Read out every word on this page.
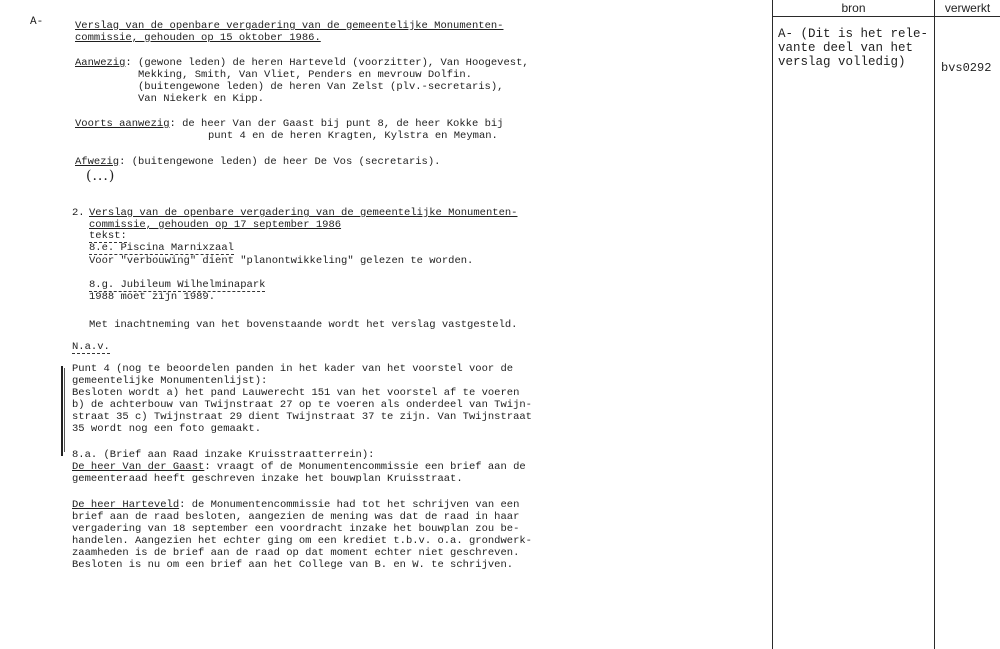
bron	verwerkt
A- (Dit is het rele-
vante deel van het
verslag volledig)	bvs0292
A-	Verslag van de openbare vergadering van de gemeentelijke Monumenten-
commissie, gehouden op 15 oktober 1986.
Aanwezig: (gewone leden) de heren Harteveld (voorzitter), Van Hoogevest,
Mekking, Smith, Van Vliet, Penders en mevrouw Dolfin.
(buitengewone leden) de heren Van Zelst (plv.-secretaris),
Van Niekerk en Kipp.
Voorts aanwezig: de heer Van der Gaast bij punt 8, de heer Kokke bij
punt 4 en de heren Kragten, Kylstra en Meyman.
Afwezig: (buitengewone leden) de heer De Vos (secretaris).
(...)
2. Verslag van de openbare vergadering van de gemeentelijke Monumenten-
commissie, gehouden op 17 september 1986
tekst:
8.e. Piscina Marnixzaal
Voor "verbouwing" dient "planontwikkeling" gelezen te worden.
8.g. Jubileum Wilhelminapark
1988 moet zijn 1989.
Met inachtneming van het bovenstaande wordt het verslag vastgesteld.
N.a.v.
Punt 4 (nog te beoordelen panden in het kader van het voorstel voor de
gemeentelijke Monumentenlijst):
Besloten wordt a) het pand Lauwerecht 151 van het voorstel af te voeren
b) de achterbouw van Twijnstraat 27 op te voeren als onderdeel van Twijn-
straat 35 c) Twijnstraat 29 dient Twijnstraat 37 te zijn. Van Twijnstraat
35 wordt nog een foto gemaakt.
8.a. (Brief aan Raad inzake Kruisstraatterrein):
De heer Van der Gaast: vraagt of de Monumentencommissie een brief aan de
gemeenteraad heeft geschreven inzake het bouwplan Kruisstraat.
De heer Harteveld: de Monumentencommissie had tot het schrijven van een
brief aan de raad besloten, aangezien de mening was dat de raad in haar
vergadering van 18 september een voordracht inzake het bouwplan zou be-
handelen. Aangezien het echter ging om een krediet t.b.v. o.a. grondwerk-
zaamheden is de brief aan de raad op dat moment echter niet geschreven.
Besloten is nu om een brief aan het College van B. en W. te schrijven.
